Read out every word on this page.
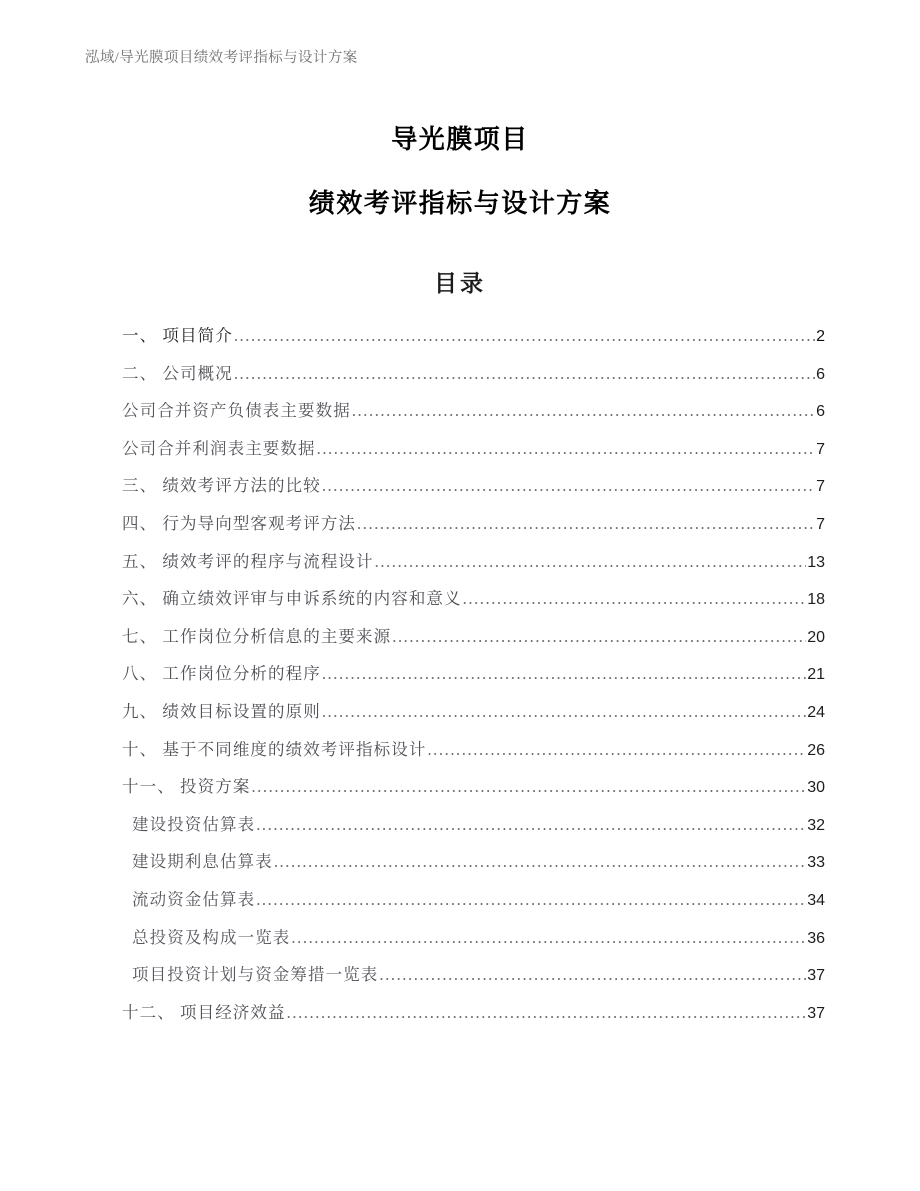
泓域/导光膜项目绩效考评指标与设计方案
导光膜项目
绩效考评指标与设计方案
目录
一、 项目简介 .....	2
二、 公司概况 .....	6
公司合并资产负债表主要数据 .....	6
公司合并利润表主要数据 .....	7
三、 绩效考评方法的比较 .....	7
四、 行为导向型客观考评方法 .....	7
五、 绩效考评的程序与流程设计 .....	13
六、 确立绩效评审与申诉系统的内容和意义 .....	18
七、 工作岗位分析信息的主要来源 .....	20
八、 工作岗位分析的程序 .....	21
九、 绩效目标设置的原则 .....	24
十、 基于不同维度的绩效考评指标设计 .....	26
十一、 投资方案 .....	30
建设投资估算表 .....	32
建设期利息估算表 .....	33
流动资金估算表 .....	34
总投资及构成一览表 .....	36
项目投资计划与资金筹措一览表 .....	37
十二、 项目经济效益 .....	37
